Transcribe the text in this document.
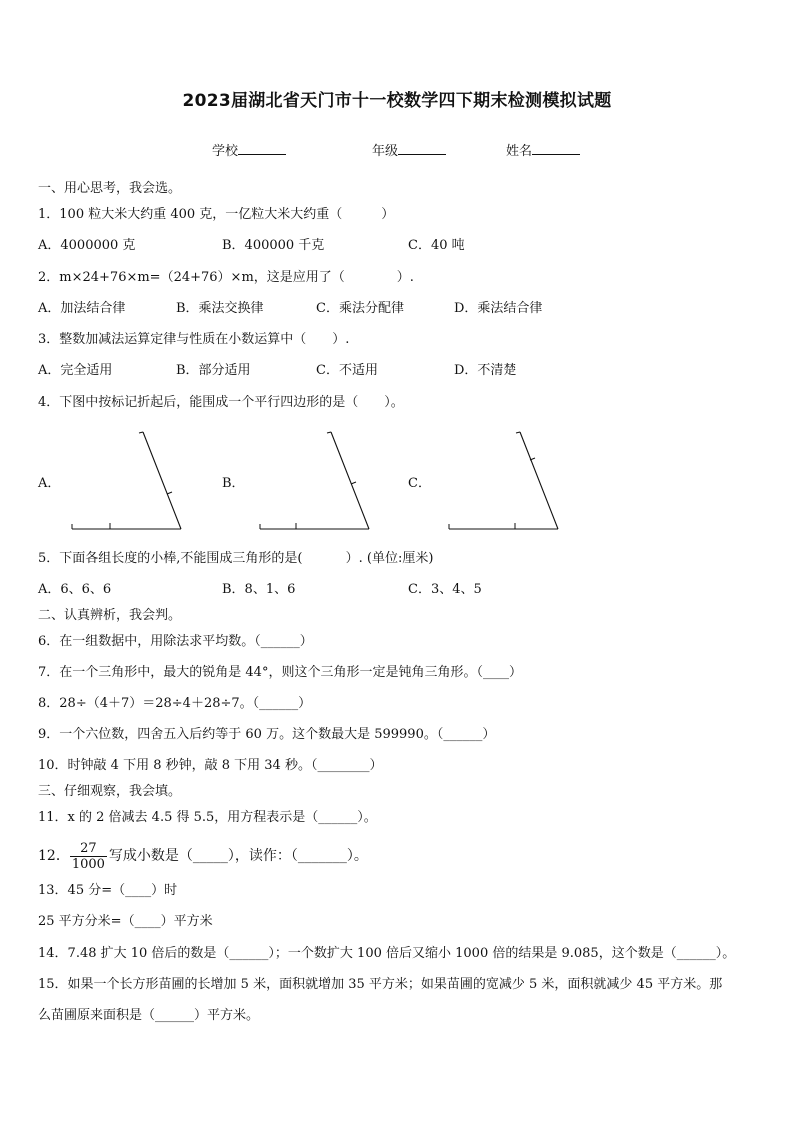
2023届湖北省天门市十一校数学四下期末检测模拟试题
学校	年级	姓名
一、用心思考，我会选。
1．100 粒大米大约重 400 克，一亿粒大米大约重（　　　）
A．4000000 克	B．400000 千克	C．40 吨
2．m×24+76×m=（24+76）×m，这是应用了（　　　　）.
A．加法结合律	B．乘法交换律	C．乘法分配律	D．乘法结合律
3．整数加减法运算定律与性质在小数运算中（　　）.
A．完全适用	B．部分适用	C．不适用	D．不清楚
4．下图中按标记折起后，能围成一个平行四边形的是（　　）。
A．	B．	C．
5．下面各组长度的小棒,不能围成三角形的是(　　　 ）. (单位:厘米)
A．6、6、6	B．8、1、6	C．3、4、5
二、认真辨析，我会判。
6．在一组数据中，用除法求平均数。（______）
7．在一个三角形中，最大的锐角是 44°，则这个三角形一定是钝角三角形。（____）
8．28÷（4＋7）＝28÷4＋28÷7。（______）
9．一个六位数，四舍五入后约等于 60 万。这个数最大是 599990。（______）
10．时钟敲 4 下用 8 秒钟，敲 8 下用 34 秒。（________）
三、仔细观察，我会填。
11．x 的 2 倍减去 4.5 得 5.5，用方程表示是（______）。
12． $\frac{27}{1000}$ 写成小数是（_____），读作：（_______）。
13．45 分=（____）时
25 平方分米=（____）平方米
14．7.48 扩大 10 倍后的数是（______）；一个数扩大 100 倍后又缩小 1000 倍的结果是 9.085，这个数是（______）。
15．如果一个长方形苗圃的长增加 5 米，面积就增加 35 平方米；如果苗圃的宽减少 5 米，面积就减少 45 平方米。那
么苗圃原来面积是（______）平方米。
